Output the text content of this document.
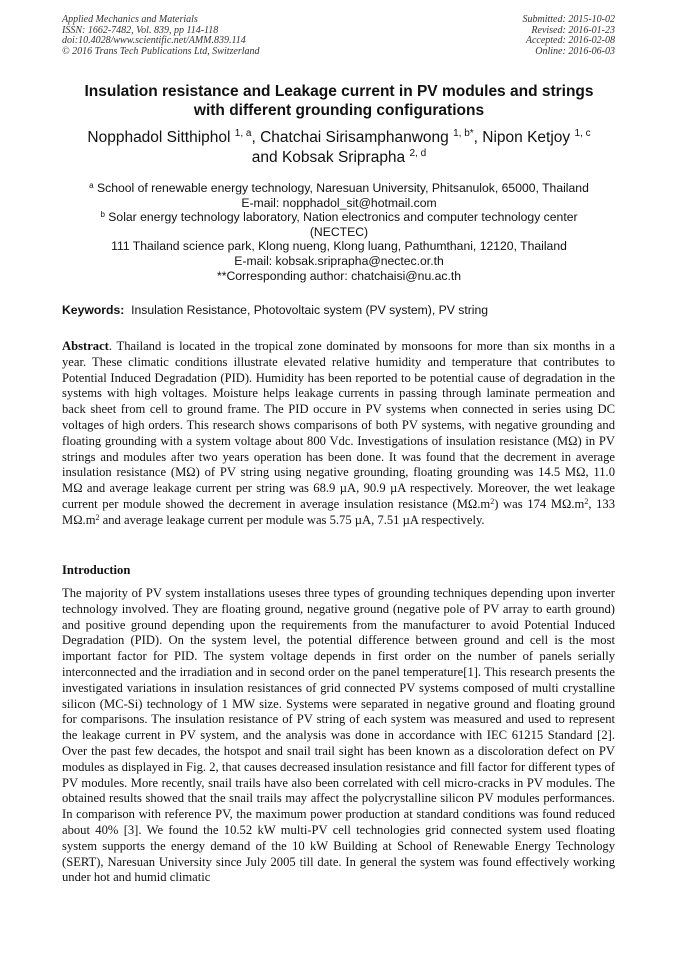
Applied Mechanics and Materials
ISSN: 1662-7482, Vol. 839, pp 114-118
doi:10.4028/www.scientific.net/AMM.839.114
© 2016 Trans Tech Publications Ltd, Switzerland
Submitted: 2015-10-02
Revised: 2016-01-23
Accepted: 2016-02-08
Online: 2016-06-03
Insulation resistance and Leakage current in PV modules and strings
with different grounding configurations
Nopphadol Sitthiphol $^{1, a}$, Chatchai Sirisamphanwong $^{1, b*}$, Nipon Ketjoy $^{1, c}$
and Kobsak Sriprapha $^{2, d}$
$^a$ School of renewable energy technology, Naresuan University, Phitsanulok, 65000, Thailand
E-mail: nopphadol_sit@hotmail.com
$^b$ Solar energy technology laboratory, Nation electronics and computer technology center
(NECTEC)
111 Thailand science park, Klong nueng, Klong luang, Pathumthani, 12120, Thailand
E-mail: kobsak.sriprapha@nectec.or.th
**Corresponding author: chatchaisi@nu.ac.th
Keywords: Insulation Resistance, Photovoltaic system (PV system), PV string
Abstract. Thailand is located in the tropical zone dominated by monsoons for more than six months in a year. These climatic conditions illustrate elevated relative humidity and temperature that contributes to Potential Induced Degradation (PID). Humidity has been reported to be potential cause of degradation in the systems with high voltages. Moisture helps leakage currents in passing through laminate permeation and back sheet from cell to ground frame. The PID occure in PV systems when connected in series using DC voltages of high orders. This research shows comparisons of both PV systems, with negative grounding and floating grounding with a system voltage about 800 Vdc. Investigations of insulation resistance (MΩ) in PV strings and modules after two years operation has been done. It was found that the decrement in average insulation resistance (MΩ) of PV string using negative grounding, floating grounding was 14.5 MΩ, 11.0 MΩ and average leakage current per string was 68.9 µA, 90.9 µA respectively. Moreover, the wet leakage current per module showed the decrement in average insulation resistance $(M\Omega.m^2)$ was 174 $M\Omega.m^2$, 133 $M\Omega.m^2$ and average leakage current per module was 5.75 µA, 7.51 µA respectively.
Introduction
The majority of PV system installations useses three types of grounding techniques depending upon inverter technology involved. They are floating ground, negative ground (negative pole of PV array to earth ground) and positive ground depending upon the requirements from the manufacturer to avoid Potential Induced Degradation (PID). On the system level, the potential difference between ground and cell is the most important factor for PID. The system voltage depends in first order on the number of panels serially interconnected and the irradiation and in second order on the panel temperature[1]. This research presents the investigated variations in insulation resistances of grid connected PV systems composed of multi crystalline silicon (MC-Si) technology of 1 MW size. Systems were separated in negative ground and floating ground for comparisons. The insulation resistance of PV string of each system was measured and used to represent the leakage current in PV system, and the analysis was done in accordance with IEC 61215 Standard [2]. Over the past few decades, the hotspot and snail trail sight has been known as a discoloration defect on PV modules as displayed in Fig. 2, that causes decreased insulation resistance and fill factor for different types of PV modules. More recently, snail trails have also been correlated with cell micro-cracks in PV modules. The obtained results showed that the snail trails may affect the polycrystalline silicon PV modules performances. In comparison with reference PV, the maximum power production at standard conditions was found reduced about 40% [3]. We found the 10.52 kW multi-PV cell technologies grid connected system used floating system supports the energy demand of the 10 kW Building at School of Renewable Energy Technology (SERT), Naresuan University since July 2005 till date. In general the system was found effectively working under hot and humid climatic
